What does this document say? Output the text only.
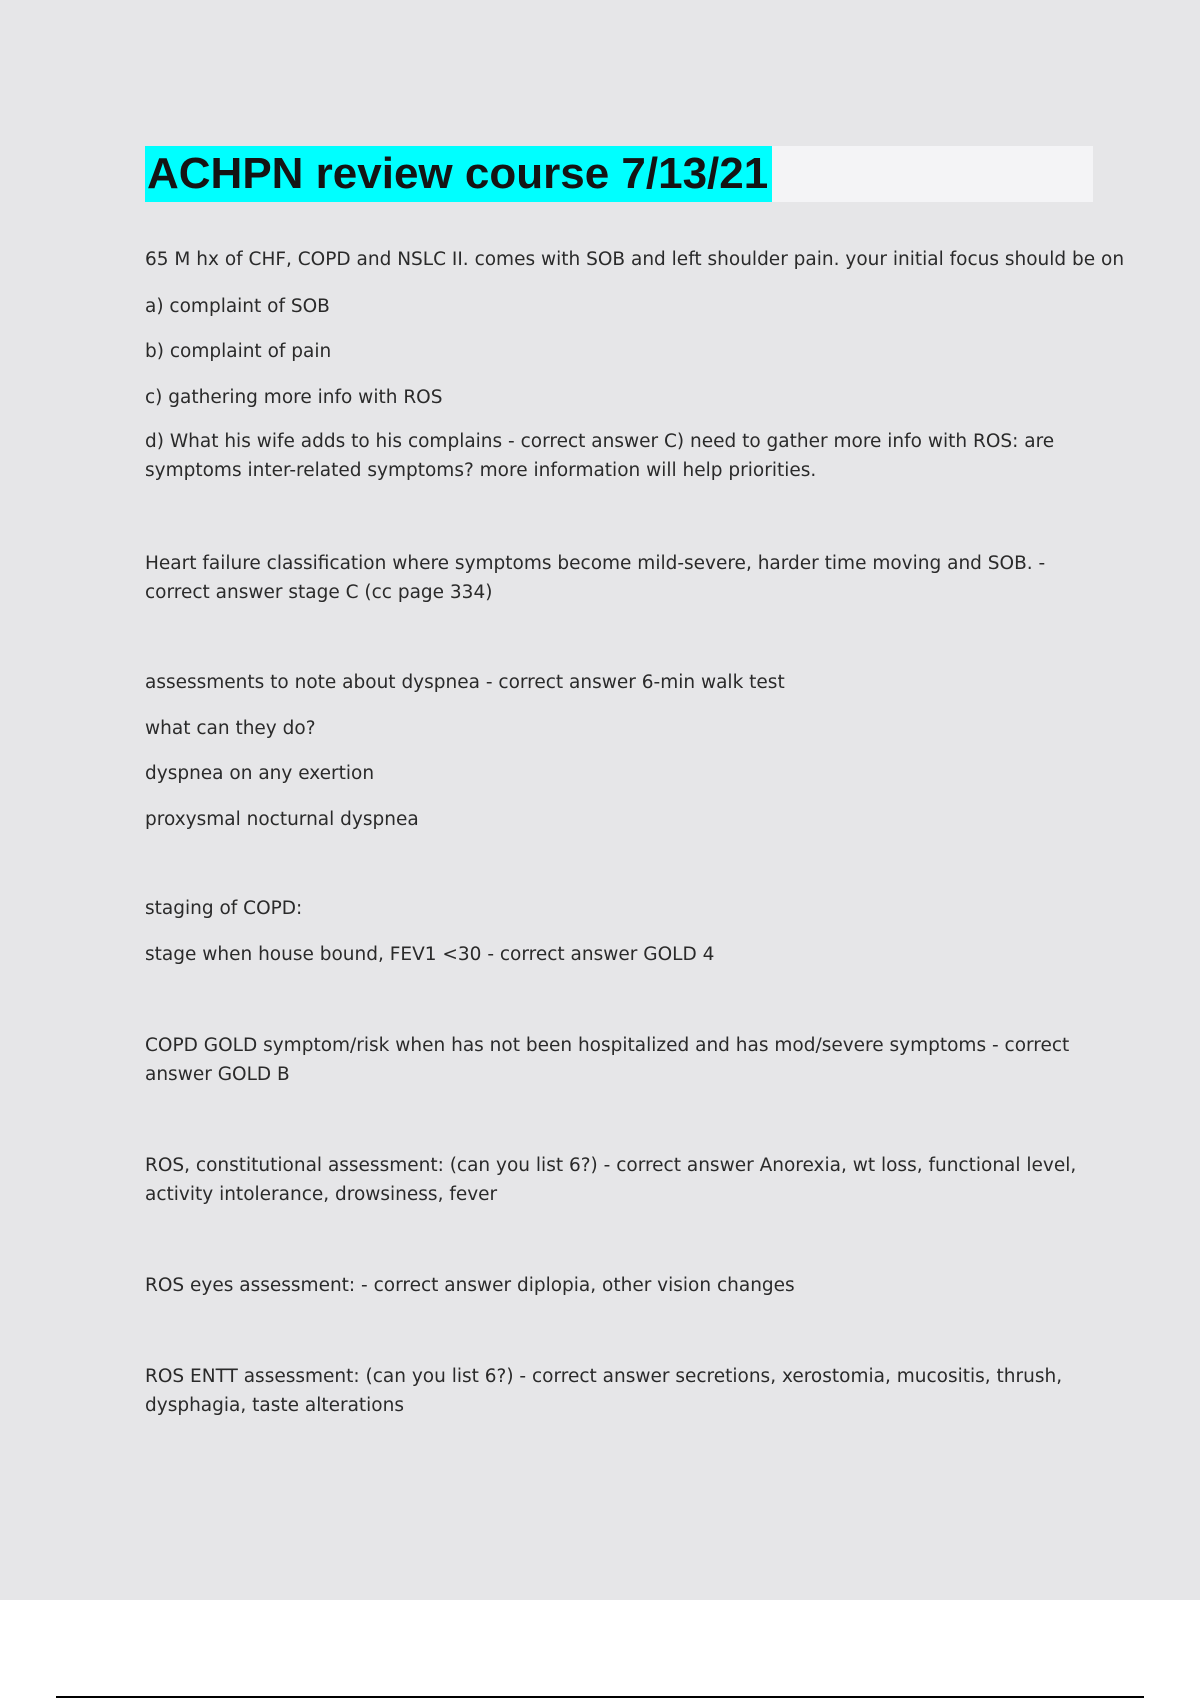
ACHPN review course 7/13/21

65 M hx of CHF, COPD and NSLC II. comes with SOB and left shoulder pain. your initial focus should be on

a) complaint of SOB

b) complaint of pain

c) gathering more info with ROS

d) What his wife adds to his complains - correct answer C) need to gather more info with ROS: are symptoms inter-related symptoms? more information will help priorities.

Heart failure classification where symptoms become mild-severe, harder time moving and SOB. - correct answer stage C (cc page 334)

assessments to note about dyspnea - correct answer 6-min walk test

what can they do?

dyspnea on any exertion

proxysmal nocturnal dyspnea

staging of COPD:

stage when house bound, FEV1 <30 - correct answer GOLD 4

COPD GOLD symptom/risk when has not been hospitalized and has mod/severe symptoms - correct answer GOLD B

ROS, constitutional assessment: (can you list 6?) - correct answer Anorexia, wt loss, functional level, activity intolerance, drowsiness, fever

ROS eyes assessment: - correct answer diplopia, other vision changes

ROS ENTT assessment: (can you list 6?) - correct answer secretions, xerostomia, mucositis, thrush, dysphagia, taste alterations
